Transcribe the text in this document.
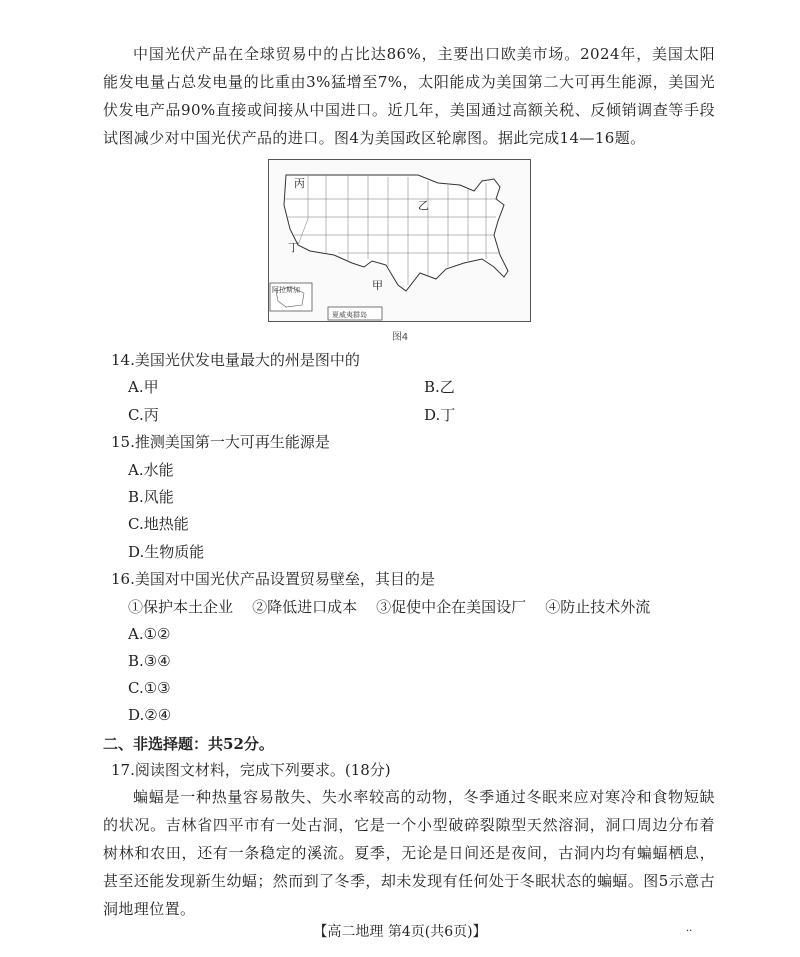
中国光伏产品在全球贸易中的占比达86%，主要出口欧美市场。2024年，美国太阳能发电量占总发电量的比重由3%猛增至7%，太阳能成为美国第二大可再生能源，美国光伏发电产品90%直接或间接从中国进口。近几年，美国通过高额关税、反倾销调查等手段试图减少对中国光伏产品的进口。图4为美国政区轮廓图。据此完成14—16题。

阿拉斯加
夏威夷群岛
丙
乙
丁
甲
图4
14.美国光伏发电量最大的州是图中的
A.甲	B.乙
C.丙	D.丁
15.推测美国第一大可再生能源是
A.水能
B.风能
C.地热能
D.生物质能
16.美国对中国光伏产品设置贸易壁垒，其目的是
①保护本土企业    ②降低进口成本    ③促使中企在美国设厂    ④防止技术外流
A.①②
B.③④
C.①③
D.②④
二、非选择题：共52分。
17.阅读图文材料，完成下列要求。(18分)

蝙蝠是一种热量容易散失、失水率较高的动物，冬季通过冬眠来应对寒冷和食物短缺的状况。吉林省四平市有一处古洞，它是一个小型破碎裂隙型天然溶洞，洞口周边分布着树林和农田，还有一条稳定的溪流。夏季，无论是日间还是夜间，古洞内均有蝙蝠栖息，甚至还能发现新生幼蝠；然而到了冬季，却未发现有任何处于冬眠状态的蝙蝠。图5示意古洞地理位置。

【高二地理 第4页(共6页)】	··
